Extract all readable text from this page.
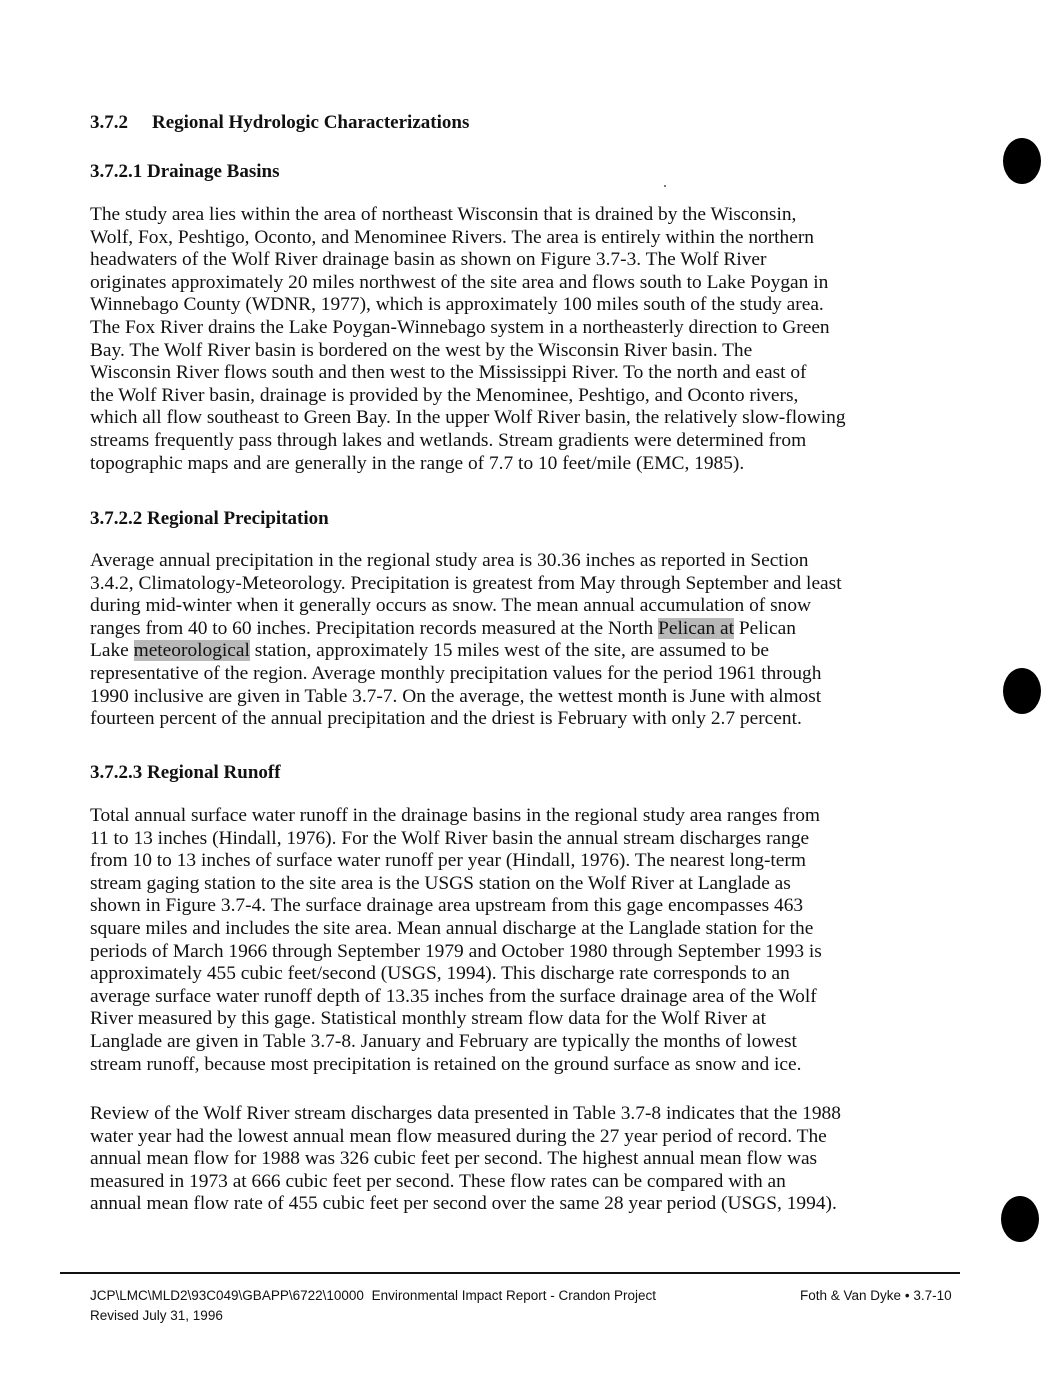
3.7.2 Regional Hydrologic Characterizations
3.7.2.1 Drainage Basins
The study area lies within the area of northeast Wisconsin that is drained by the Wisconsin,
Wolf, Fox, Peshtigo, Oconto, and Menominee Rivers. The area is entirely within the northern
headwaters of the Wolf River drainage basin as shown on Figure 3.7-3. The Wolf River
originates approximately 20 miles northwest of the site area and flows south to Lake Poygan in
Winnebago County (WDNR, 1977), which is approximately 100 miles south of the study area.
The Fox River drains the Lake Poygan-Winnebago system in a northeasterly direction to Green
Bay. The Wolf River basin is bordered on the west by the Wisconsin River basin. The
Wisconsin River flows south and then west to the Mississippi River. To the north and east of
the Wolf River basin, drainage is provided by the Menominee, Peshtigo, and Oconto rivers,
which all flow southeast to Green Bay. In the upper Wolf River basin, the relatively slow-flowing
streams frequently pass through lakes and wetlands. Stream gradients were determined from
topographic maps and are generally in the range of 7.7 to 10 feet/mile (EMC, 1985).
3.7.2.2 Regional Precipitation
Average annual precipitation in the regional study area is 30.36 inches as reported in Section
3.4.2, Climatology-Meteorology. Precipitation is greatest from May through September and least
during mid-winter when it generally occurs as snow. The mean annual accumulation of snow
ranges from 40 to 60 inches. Precipitation records measured at the North Pelican at Pelican
Lake meteorological station, approximately 15 miles west of the site, are assumed to be
representative of the region. Average monthly precipitation values for the period 1961 through
1990 inclusive are given in Table 3.7-7. On the average, the wettest month is June with almost
fourteen percent of the annual precipitation and the driest is February with only 2.7 percent.
3.7.2.3 Regional Runoff
Total annual surface water runoff in the drainage basins in the regional study area ranges from
11 to 13 inches (Hindall, 1976). For the Wolf River basin the annual stream discharges range
from 10 to 13 inches of surface water runoff per year (Hindall, 1976). The nearest long-term
stream gaging station to the site area is the USGS station on the Wolf River at Langlade as
shown in Figure 3.7-4. The surface drainage area upstream from this gage encompasses 463
square miles and includes the site area. Mean annual discharge at the Langlade station for the
periods of March 1966 through September 1979 and October 1980 through September 1993 is
approximately 455 cubic feet/second (USGS, 1994). This discharge rate corresponds to an
average surface water runoff depth of 13.35 inches from the surface drainage area of the Wolf
River measured by this gage. Statistical monthly stream flow data for the Wolf River at
Langlade are given in Table 3.7-8. January and February are typically the months of lowest
stream runoff, because most precipitation is retained on the ground surface as snow and ice.
Review of the Wolf River stream discharges data presented in Table 3.7-8 indicates that the 1988
water year had the lowest annual mean flow measured during the 27 year period of record. The
annual mean flow for 1988 was 326 cubic feet per second. The highest annual mean flow was
measured in 1973 at 666 cubic feet per second. These flow rates can be compared with an
annual mean flow rate of 455 cubic feet per second over the same 28 year period (USGS, 1994).
JCP\LMC\MLD2\93C049\GBAPP\6722\10000 Environmental Impact Report - Crandon Project
Revised July 31, 1996
Foth & Van Dyke • 3.7-10
